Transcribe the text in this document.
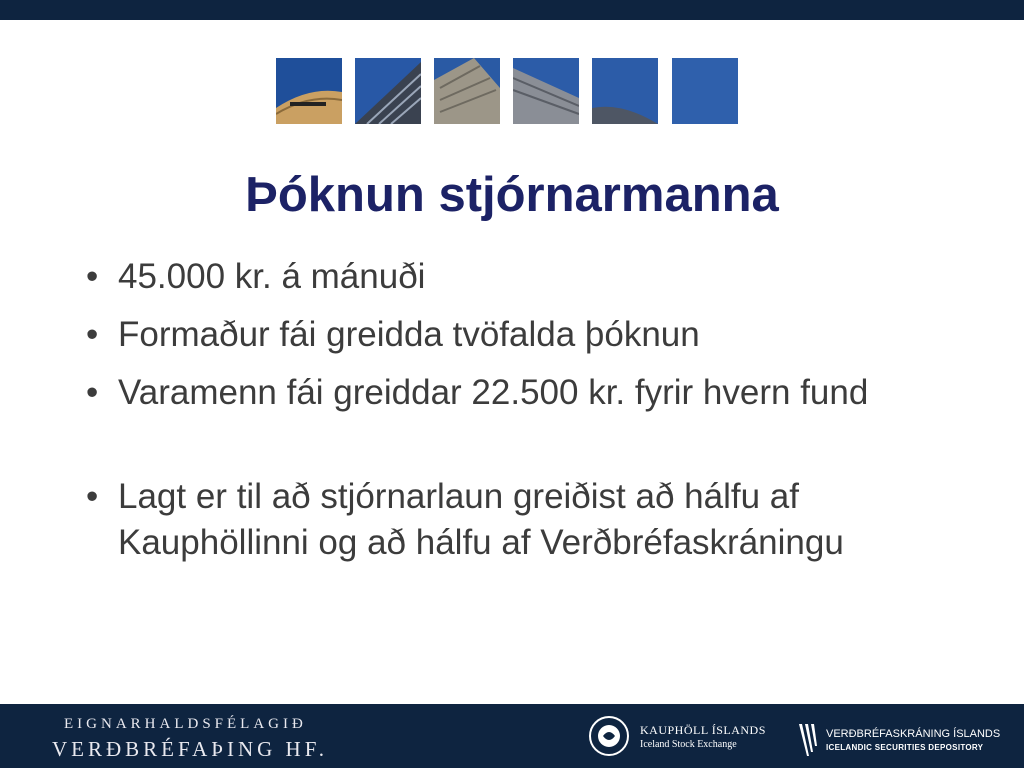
Þóknun stjórnarmanna
• 45.000 kr. á mánuði
• Formaður fái greidda tvöfalda þóknun
• Varamenn fái greiddar 22.500 kr. fyrir hvern fund
• Lagt er til að stjórnarlaun greiðist að hálfu af Kauphöllinni og að hálfu af Verðbréfaskráningu
EIGNARHALDSFÉLAGIÐ
VERÐBRÉFAÞING HF.
KAUPHÖLL ÍSLANDS
Iceland Stock Exchange
VERÐBRÉFASKRÁNING ÍSLANDS
ICELANDIC SECURITIES DEPOSITORY
